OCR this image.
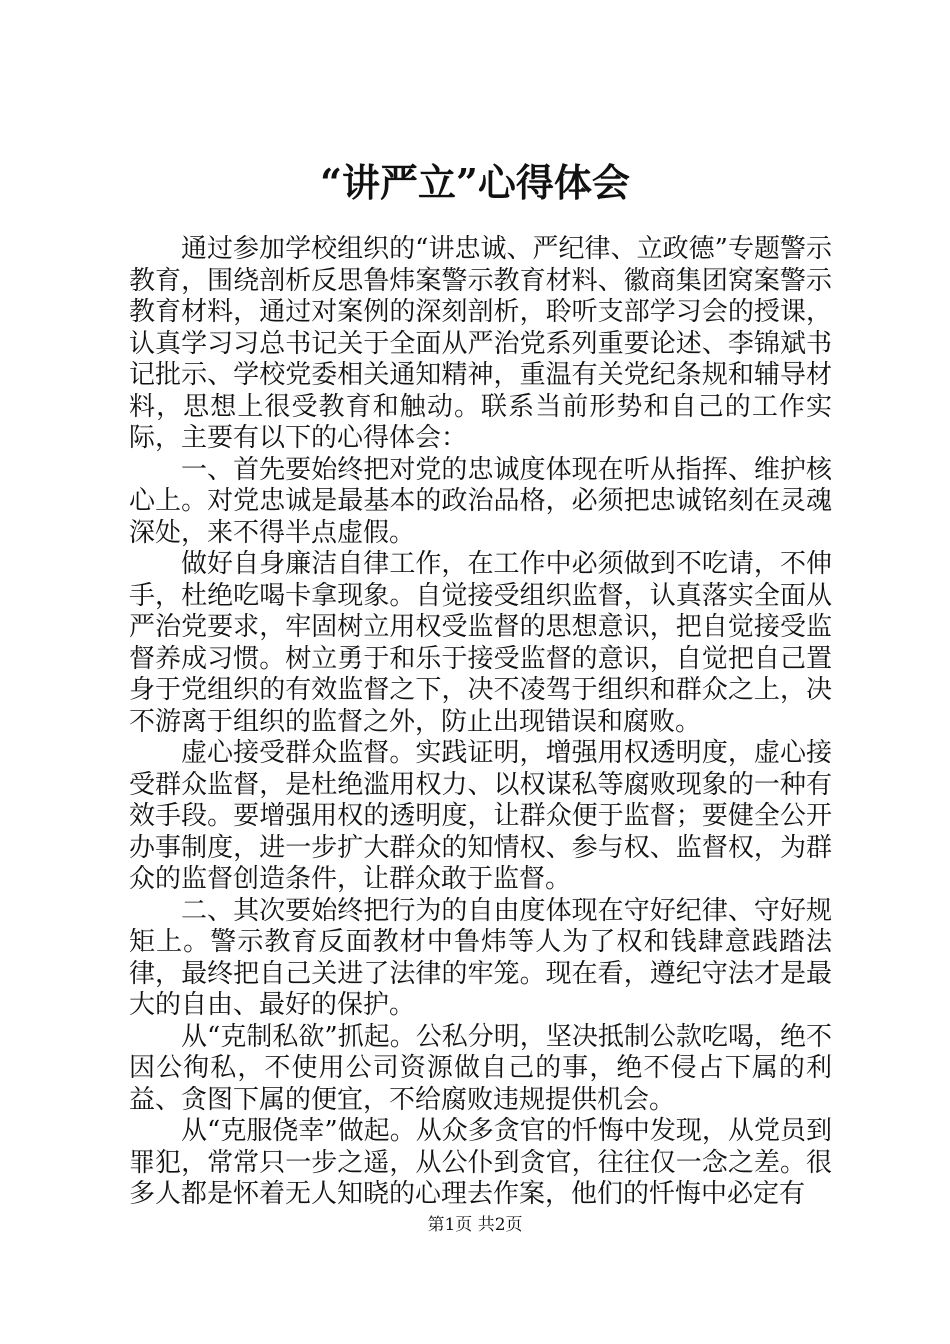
“讲严立”心得体会

通过参加学校组织的“讲忠诚、严纪律、立政德”专题警示教育，围绕剖析反思鲁炜案警示教育材料、徽商集团窝案警示教育材料，通过对案例的深刻剖析，聆听支部学习会的授课，认真学习习总书记关于全面从严治党系列重要论述、李锦斌书记批示、学校党委相关通知精神，重温有关党纪条规和辅导材料，思想上很受教育和触动。联系当前形势和自己的工作实际，主要有以下的心得体会：

一、首先要始终把对党的忠诚度体现在听从指挥、维护核心上。对党忠诚是最基本的政治品格，必须把忠诚铭刻在灵魂深处，来不得半点虚假。

做好自身廉洁自律工作，在工作中必须做到不吃请，不伸手，杜绝吃喝卡拿现象。自觉接受组织监督，认真落实全面从严治党要求，牢固树立用权受监督的思想意识，把自觉接受监督养成习惯。树立勇于和乐于接受监督的意识，自觉把自己置身于党组织的有效监督之下，决不凌驾于组织和群众之上，决不游离于组织的监督之外，防止出现错误和腐败。

虚心接受群众监督。实践证明，增强用权透明度，虚心接受群众监督，是杜绝滥用权力、以权谋私等腐败现象的一种有效手段。要增强用权的透明度，让群众便于监督；要健全公开办事制度，进一步扩大群众的知情权、参与权、监督权，为群众的监督创造条件，让群众敢于监督。

二、其次要始终把行为的自由度体现在守好纪律、守好规矩上。警示教育反面教材中鲁炜等人为了权和钱肆意践踏法律，最终把自己关进了法律的牢笼。现在看，遵纪守法才是最大的自由、最好的保护。

从“克制私欲”抓起。公私分明，坚决抵制公款吃喝，绝不因公徇私，不使用公司资源做自己的事，绝不侵占下属的利益、贪图下属的便宜，不给腐败违规提供机会。

从“克服侥幸”做起。从众多贪官的忏悔中发现，从党员到罪犯，常常只一步之遥，从公仆到贪官，往往仅一念之差。很多人都是怀着无人知晓的心理去作案，他们的忏悔中必定有

第1页 共2页
